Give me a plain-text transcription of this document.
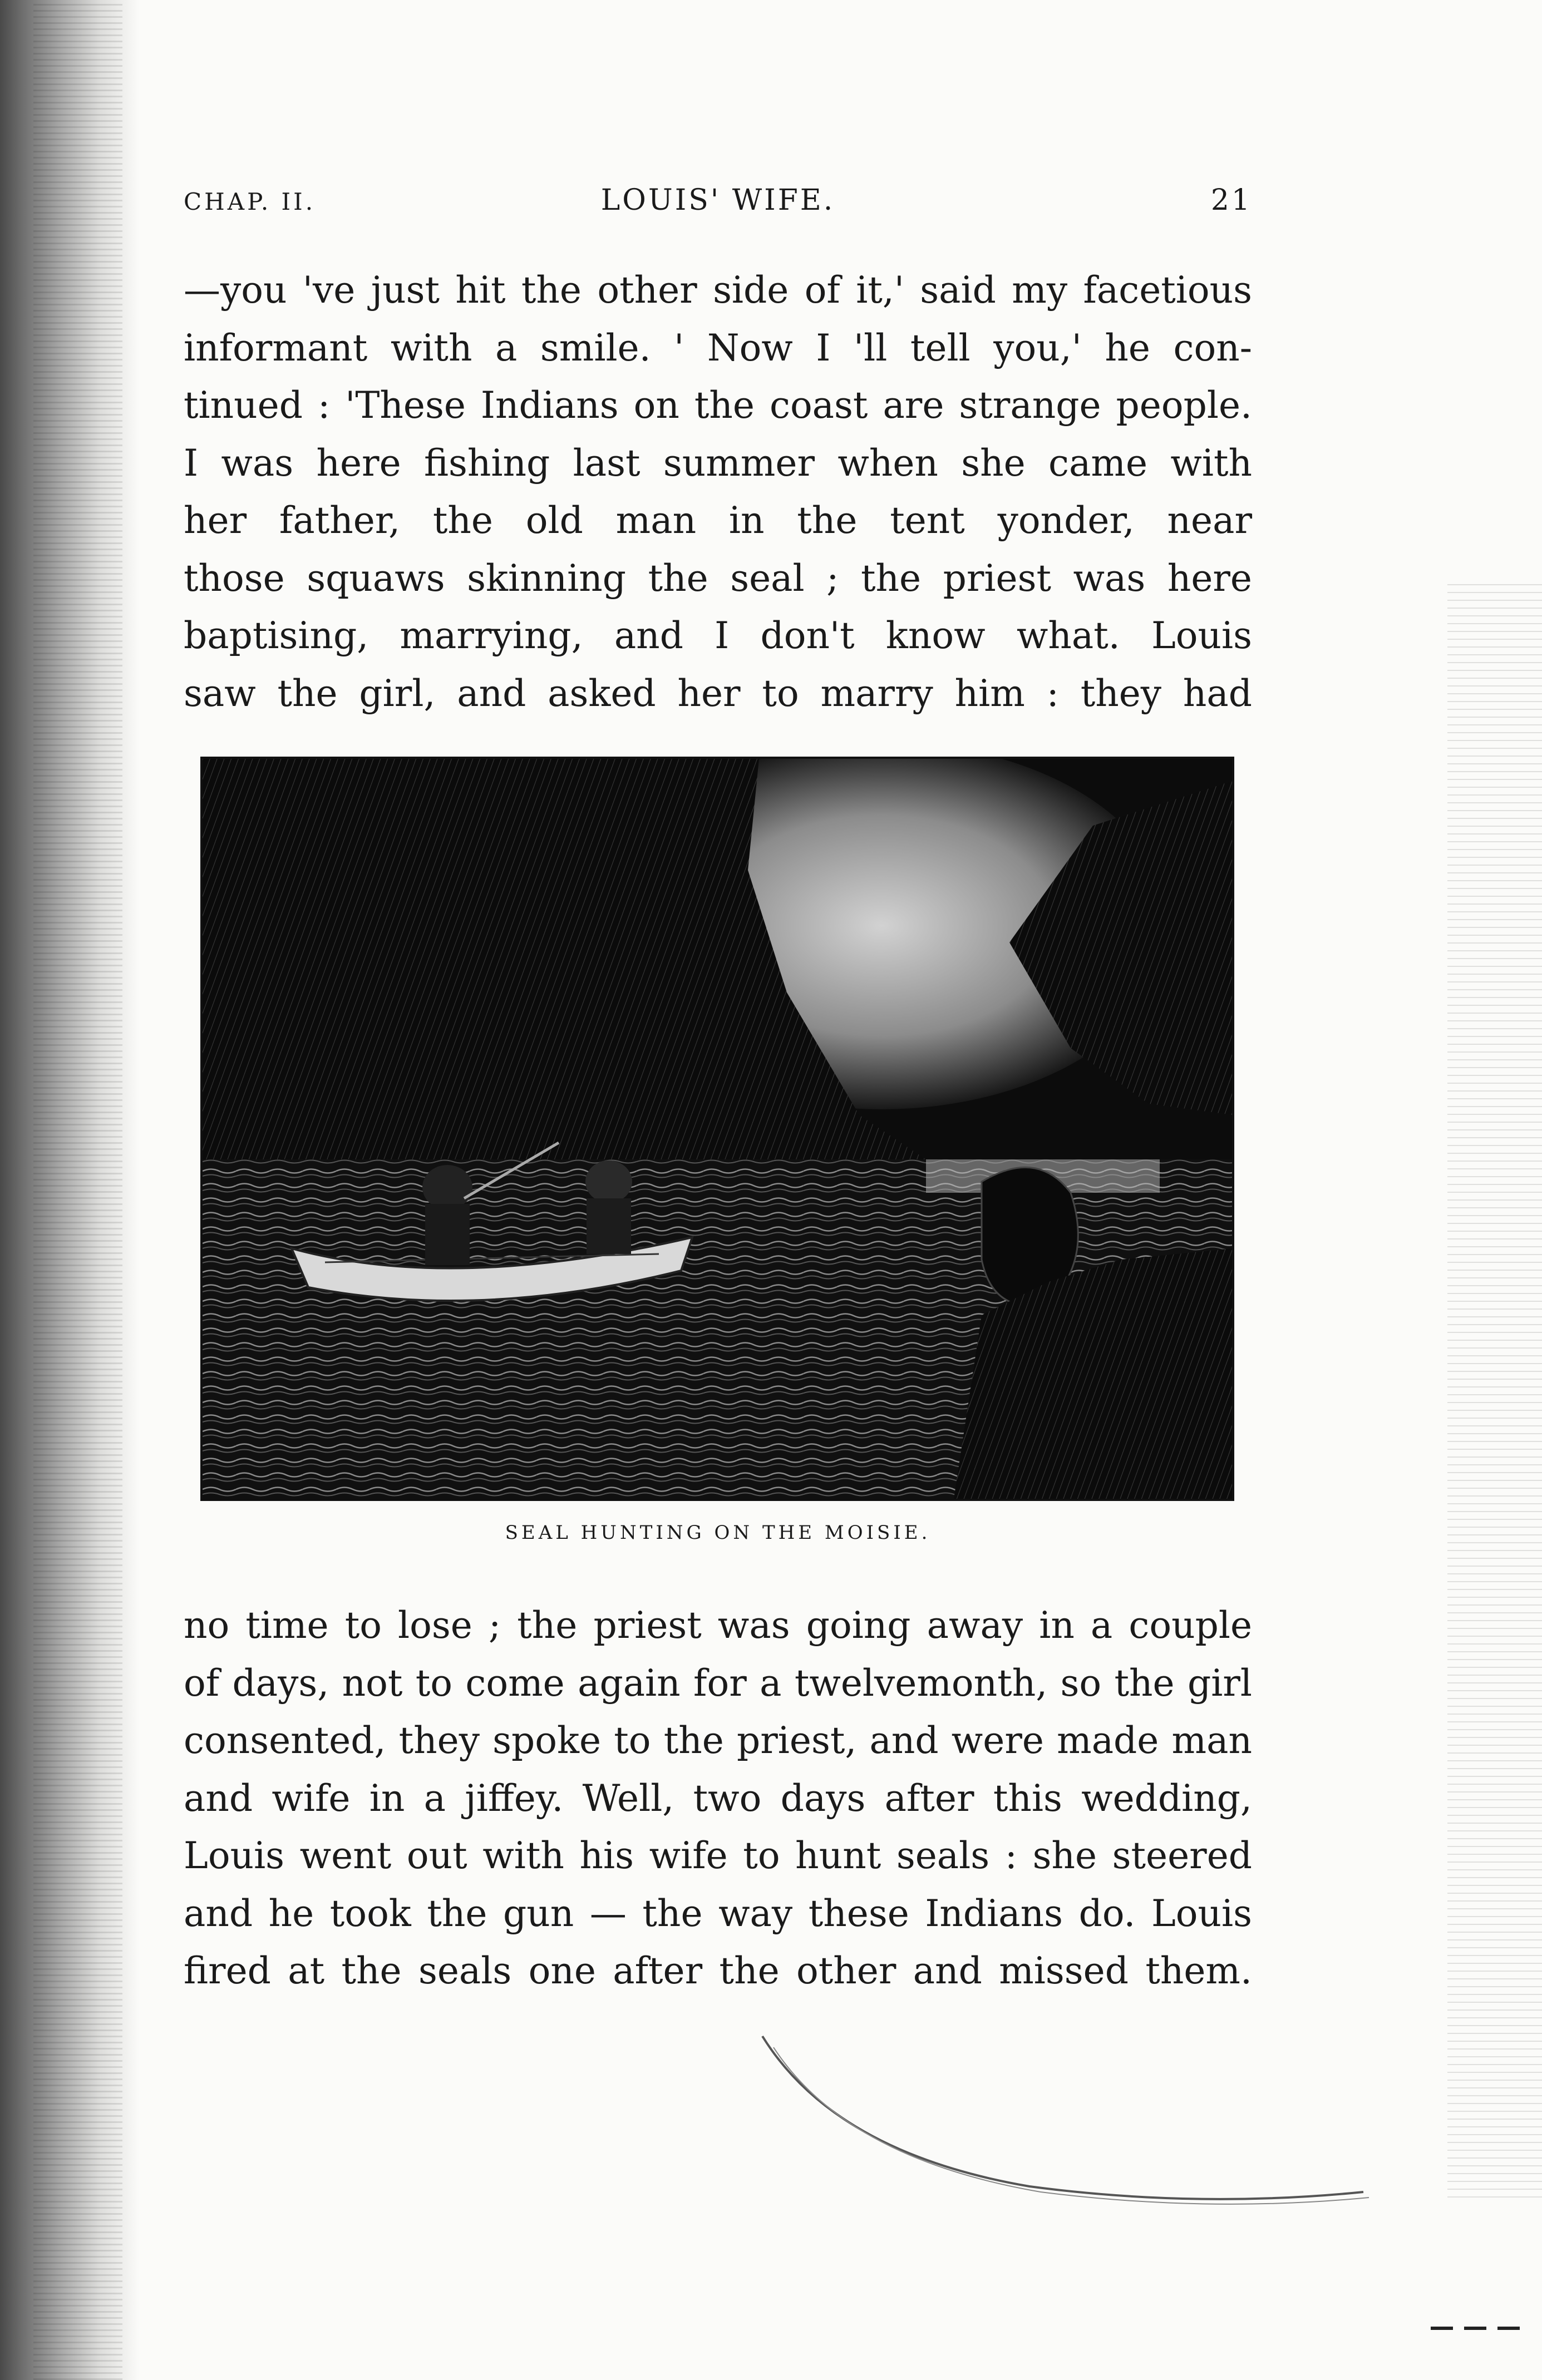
CHAP. II.	LOUIS' WIFE.	21
—you 've just hit the other side of it,' said my facetious
informant with a smile. ' Now I 'll tell you,' he con-
tinued : 'These Indians on the coast are strange people.
I was here fishing last summer when she came with
her father, the old man in the tent yonder, near
those squaws skinning the seal ; the priest was here
baptising, marrying, and I don't know what. Louis
saw the girl, and asked her to marry him : they had
SEAL HUNTING ON THE MOISIE.
no time to lose ; the priest was going away in a couple
of days, not to come again for a twelvemonth, so the girl
consented, they spoke to the priest, and were made man
and wife in a jiffey. Well, two days after this wedding,
Louis went out with his wife to hunt seals : she steered
and he took the gun — the way these Indians do. Louis
fired at the seals one after the other and missed them.
